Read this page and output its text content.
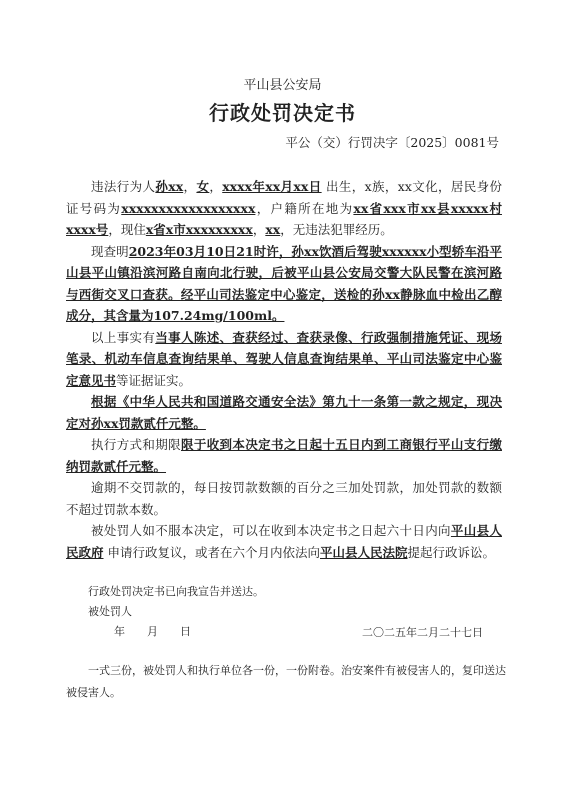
平山县公安局
行政处罚决定书
平公（交）行罚决字〔2025〕0081号

违法行为人孙xx，女，xxxx年xx月xx日 出生，x族，xx文化，居民身份证号码为xxxxxxxxxxxxxxxxxx，户籍所在地为xx省xxx市xx县xxxxx村xxxx号，现住x省x市xxxxxxxxx，xx，无违法犯罪经历。

现查明2023年03月10日21时许，孙xx饮酒后驾驶xxxxxx小型轿车沿平山县平山镇沿滨河路自南向北行驶，后被平山县公安局交警大队民警在滨河路与西街交叉口查获。经平山司法鉴定中心鉴定，送检的孙xx静脉血中检出乙醇成分，其含量为107.24mg/100ml。

以上事实有当事人陈述、查获经过、查获录像、行政强制措施凭证、现场笔录、机动车信息查询结果单、驾驶人信息查询结果单、平山司法鉴定中心鉴定意见书等证据证实。

根据《中华人民共和国道路交通安全法》第九十一条第一款之规定，现决定对孙xx罚款贰仟元整。

执行方式和期限限于收到本决定书之日起十五日内到工商银行平山支行缴纳罚款贰仟元整。

逾期不交罚款的，每日按罚款数额的百分之三加处罚款，加处罚款的数额不超过罚款本数。

被处罚人如不服本决定，可以在收到本决定书之日起六十日内向平山县人民政府 申请行政复议，或者在六个月内依法向平山县人民法院提起行政诉讼。

行政处罚决定书已向我宣告并送达。
被处罚人
年　　月　　日	二〇二五年二月二十七日
一式三份，被处罚人和执行单位各一份，一份附卷。治安案件有被侵害人的，复印送达被侵害人。
